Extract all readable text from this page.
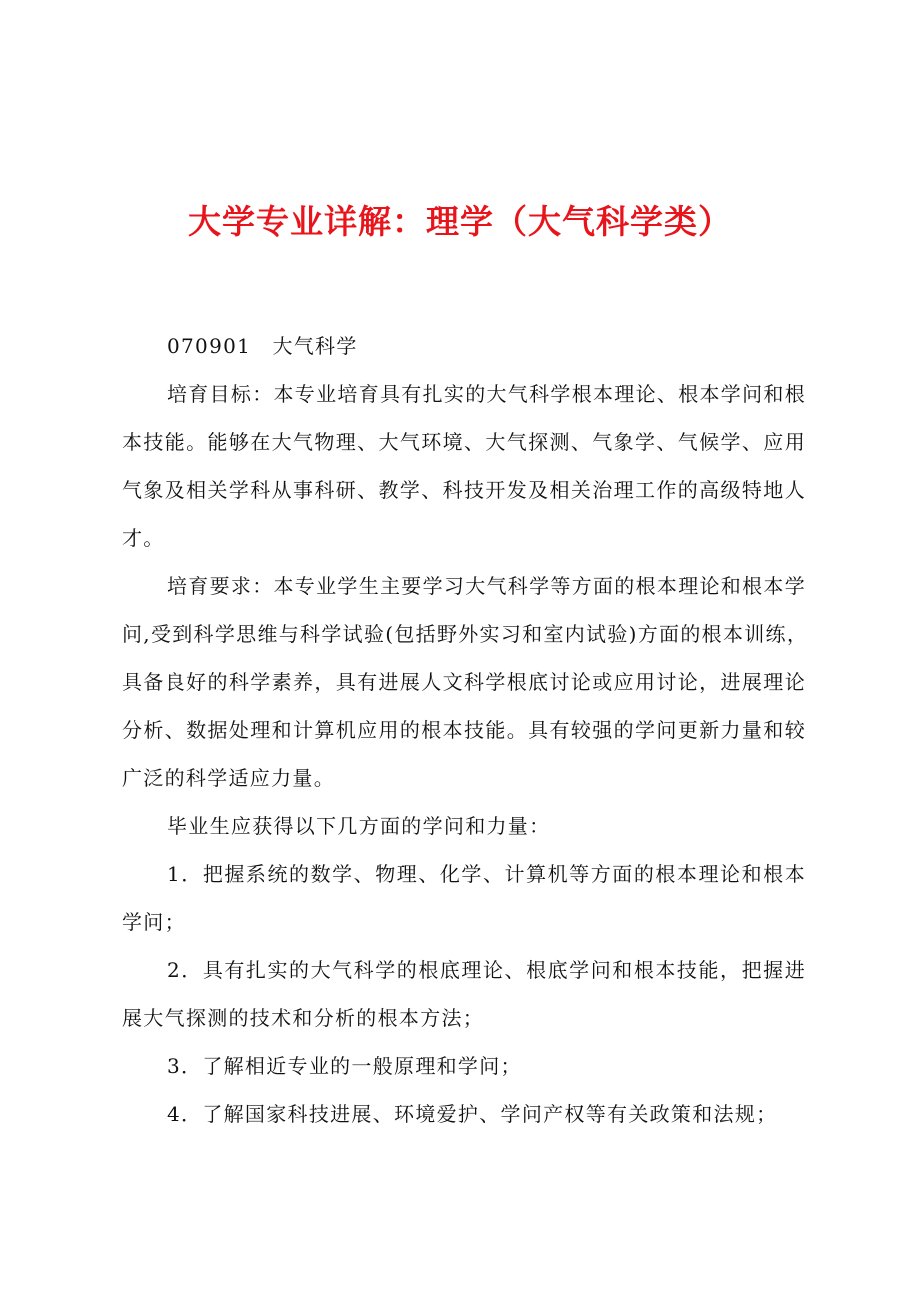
大学专业详解：理学（大气科学类）
070901　大气科学
培育目标：本专业培育具有扎实的大气科学根本理论、根本学问和根
本技能。能够在大气物理、大气环境、大气探测、气象学、气候学、应用
气象及相关学科从事科研、教学、科技开发及相关治理工作的高级特地人
才。
培育要求：本专业学生主要学习大气科学等方面的根本理论和根本学
问,受到科学思维与科学试验(包括野外实习和室内试验)方面的根本训练，
具备良好的科学素养，具有进展人文科学根底讨论或应用讨论，进展理论
分析、数据处理和计算机应用的根本技能。具有较强的学问更新力量和较
广泛的科学适应力量。
毕业生应获得以下几方面的学问和力量：
1．把握系统的数学、物理、化学、计算机等方面的根本理论和根本
学问；
2．具有扎实的大气科学的根底理论、根底学问和根本技能，把握进
展大气探测的技术和分析的根本方法；
3．了解相近专业的一般原理和学问；
4．了解国家科技进展、环境爱护、学问产权等有关政策和法规；
